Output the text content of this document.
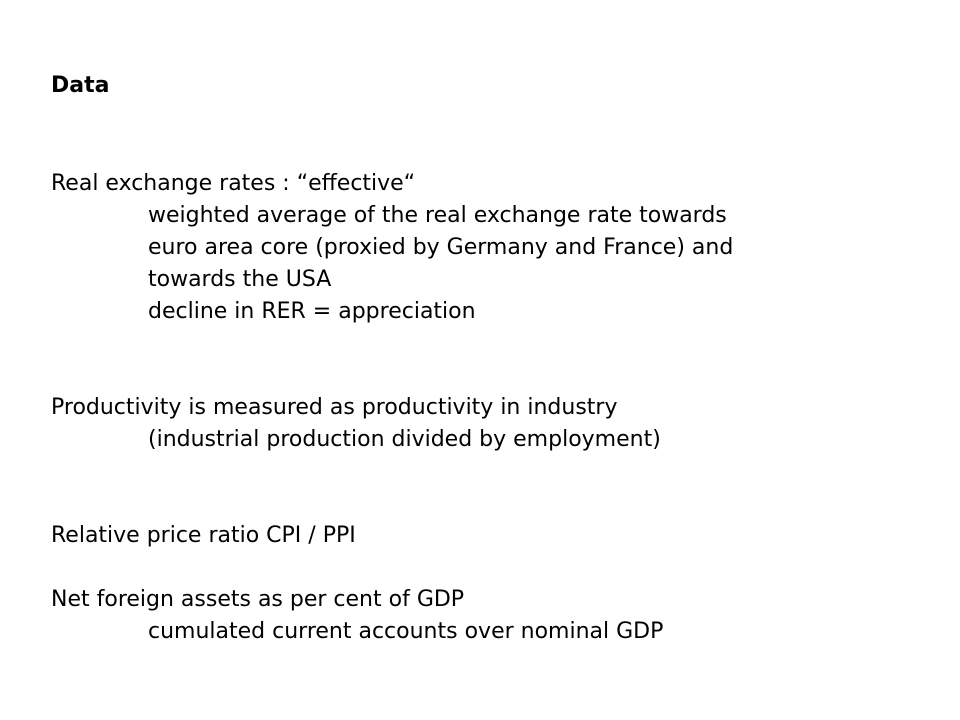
Data
Real exchange rates : “effective“
weighted average of the real exchange rate towards
euro area core (proxied by Germany and France) and
towards the USA
decline in RER = appreciation
Productivity is measured as productivity in industry
(industrial production divided by employment)
Relative price ratio CPI / PPI
Net foreign assets as per cent of GDP
cumulated current accounts over nominal GDP
